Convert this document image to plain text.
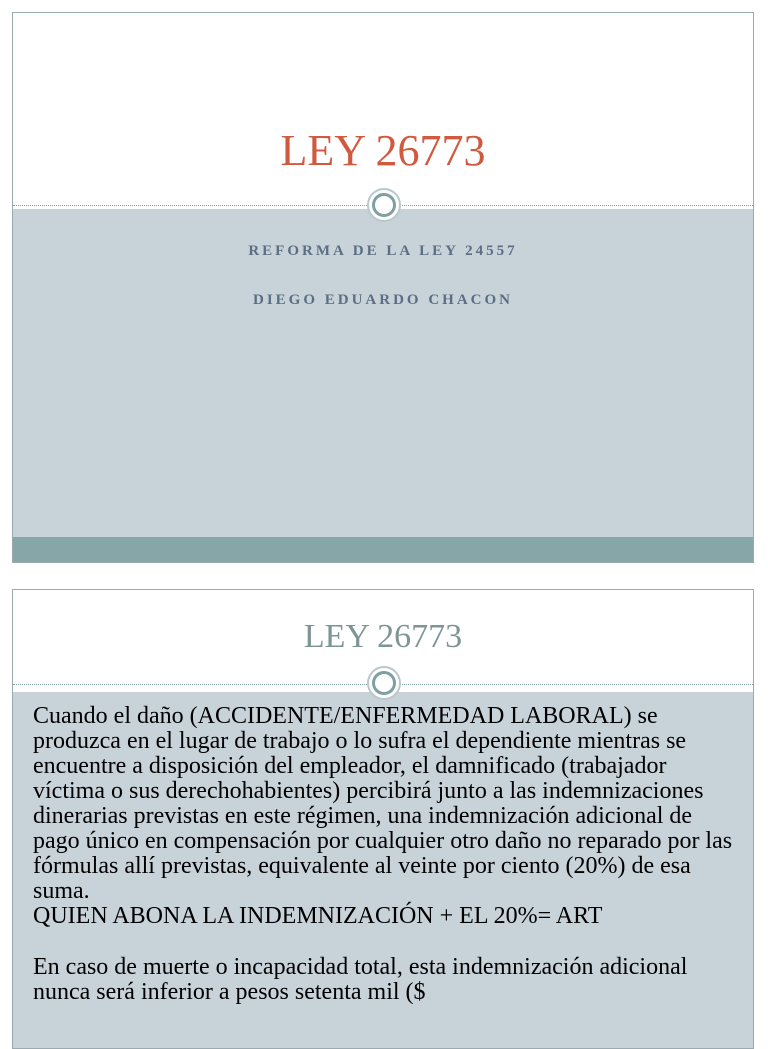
LEY 26773

REFORMA DE LA LEY 24557

DIEGO EDUARDO CHACON

LEY 26773

Cuando el daño (ACCIDENTE/ENFERMEDAD LABORAL) se produzca en el lugar de trabajo o lo sufra el dependiente mientras se encuentre a disposición del empleador, el damnificado (trabajador víctima o sus derechohabientes) percibirá junto a las indemnizaciones dinerarias previstas en este régimen, una indemnización adicional de pago único en compensación por cualquier otro daño no reparado por las fórmulas allí previstas, equivalente al veinte por ciento (20%) de esa suma.

QUIEN ABONA LA INDEMNIZACIÓN + EL 20%= ART

En caso de muerte o incapacidad total, esta indemnización adicional nunca será inferior a pesos setenta mil ($
